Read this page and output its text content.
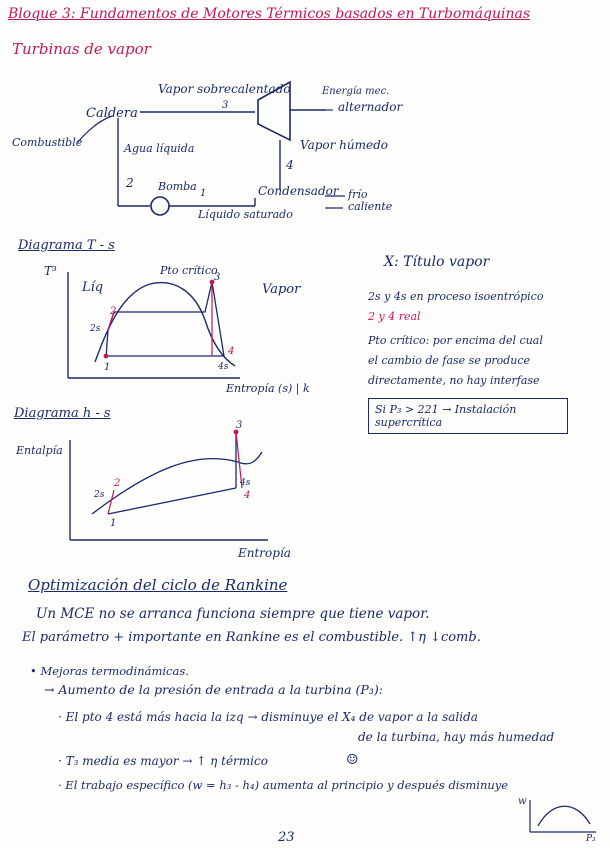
Bloque 3: Fundamentos de Motores Térmicos basados en Turbomáquinas
Turbinas de vapor
Vapor sobrecalentado
3
Energía mec.
alternador
Caldera
Combustible	Agua líquida	Vapor húmedo
4
2 Bomba
1	Condensador frío
caliente
Líquido saturado
Diagrama T - s
T³
Líq
Pto crítico
Vapor
3
2
2s
1
4
4s
Entropía (s) | k
X: Título vapor
2s y 4s en proceso isoentrópico
2 y 4 real
Pto crítico: por encima del cual
el cambio de fase se produce
directamente, no hay interfase
Si P₃ > 221 → Instalación supercrítica
Diagrama h - s
Entalpía
3
2
2s
1
4s
4
Entropía
Optimización del ciclo de Rankine
Un MCE no se arranca funciona siempre que tiene vapor.
El parámetro + importante en Rankine es el combustible. ↑η ↓comb.
• Mejoras termodinámicas.
→ Aumento de la presión de entrada a la turbina (P₃):
· El pto 4 está más hacia la izq → disminuye el X₄ de vapor a la salida
de la turbina, hay más humedad
· T₃ media es mayor → ↑ η térmico	☺
· El trabajo específico (w = h₃ - h₄) aumenta al principio y después disminuye
w
P₃
23
